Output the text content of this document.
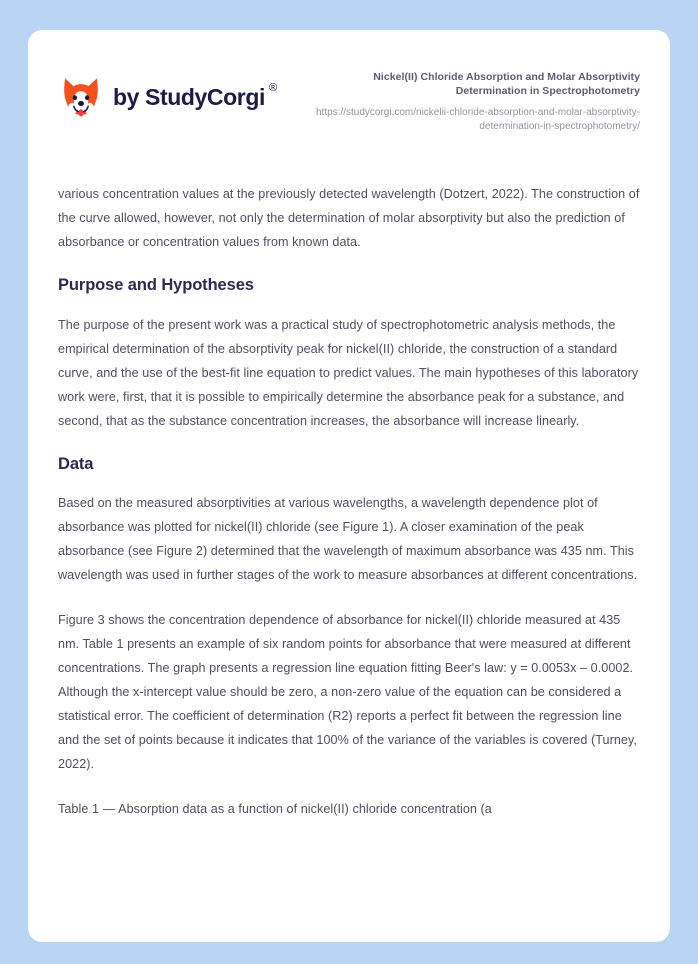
by StudyCorgi ®

Nickel(II) Chloride Absorption and Molar Absorptivity Determination in Spectrophotometry

https://studycorgi.com/nickelii-chloride-absorption-and-molar-absorptivity-determination-in-spectrophotometry/

various concentration values at the previously detected wavelength (Dotzert, 2022). The construction of the curve allowed, however, not only the determination of molar absorptivity but also the prediction of absorbance or concentration values from known data.

Purpose and Hypotheses

The purpose of the present work was a practical study of spectrophotometric analysis methods, the empirical determination of the absorptivity peak for nickel(II) chloride, the construction of a standard curve, and the use of the best-fit line equation to predict values. The main hypotheses of this laboratory work were, first, that it is possible to empirically determine the absorbance peak for a substance, and second, that as the substance concentration increases, the absorbance will increase linearly.

Data

Based on the measured absorptivities at various wavelengths, a wavelength dependence plot of absorbance was plotted for nickel(II) chloride (see Figure 1). A closer examination of the peak absorbance (see Figure 2) determined that the wavelength of maximum absorbance was 435 nm. This wavelength was used in further stages of the work to measure absorbances at different concentrations.

Figure 3 shows the concentration dependence of absorbance for nickel(II) chloride measured at 435 nm. Table 1 presents an example of six random points for absorbance that were measured at different concentrations. The graph presents a regression line equation fitting Beer's law: y = 0.0053x – 0.0002. Although the x-intercept value should be zero, a non-zero value of the equation can be considered a statistical error. The coefficient of determination (R2) reports a perfect fit between the regression line and the set of points because it indicates that 100% of the variance of the variables is covered (Turney, 2022).

Table 1 — Absorption data as a function of nickel(II) chloride concentration (a
